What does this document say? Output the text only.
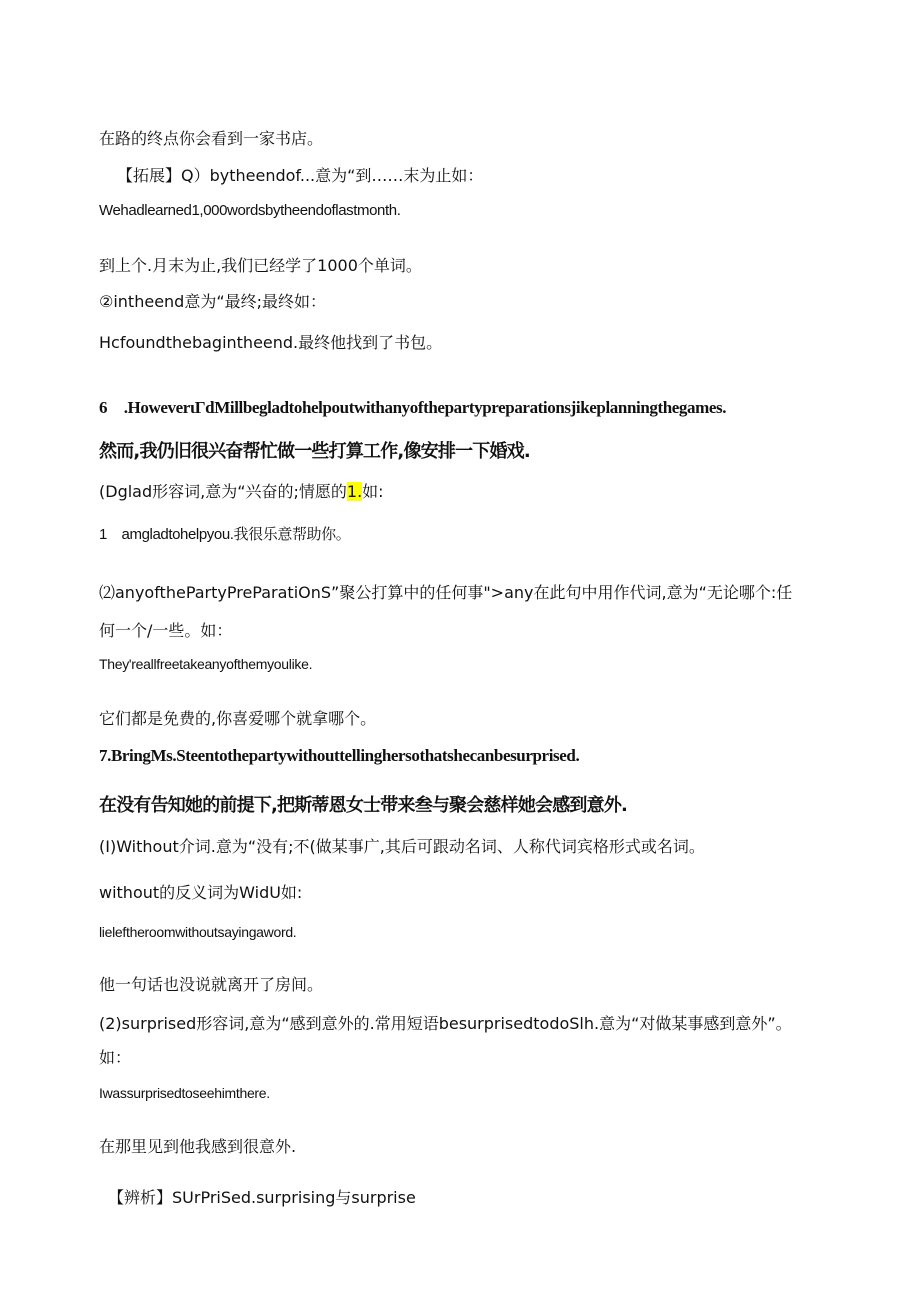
在路的终点你会看到一家书店。

【拓展】Q）bytheendof...意为“到……末为止如：

Wehadlearned1,000wordsbytheendoflastmonth.

到上个.月末为止,我们已经学了1000个单词。

②intheend意为“最终;最终如：

Hcfoundthebagintheend.最终他找到了书包。

6　.HoweverιΓdMillbegladtohelpoutwithanyofthepartypreparationsjikeplanningthegames.

然而,我仍旧很兴奋帮忙做一些打算工作,像安排一下婚戏.

(Dglad形容词,意为“兴奋的;情愿的1.如:

1　amgladtohelpyou.我很乐意帮助你。

⑵anyofthePartyPreParatiOnS”聚公打算中的任何事">any在此句中用作代词,意为“无论哪个:任

何一个/一些。如：

They'reallfreetakeanyofthemyoulike.

它们都是免费的,你喜爱哪个就拿哪个。

7.BringMs.Steentothepartywithouttellinghersothatshecanbesurprised.

在没有告知她的前提下,把斯蒂恩女士带来叁与聚会慈样她会感到意外.

(I)Without介词.意为“没有;不(做某事广,其后可跟动名词、人称代词宾格形式或名词。

without的反义词为WidU如:

lieleftheroomwithoutsayingaword.

他一句话也没说就离开了房间。

(2)surprised形容词,意为“感到意外的.常用短语besurprisedtodoSlh.意为“对做某事感到意外”。

如：

Iwassurprisedtoseehimthere.

在那里见到他我感到很意外.

【辨析】SUrPriSed.surprising与surprise
